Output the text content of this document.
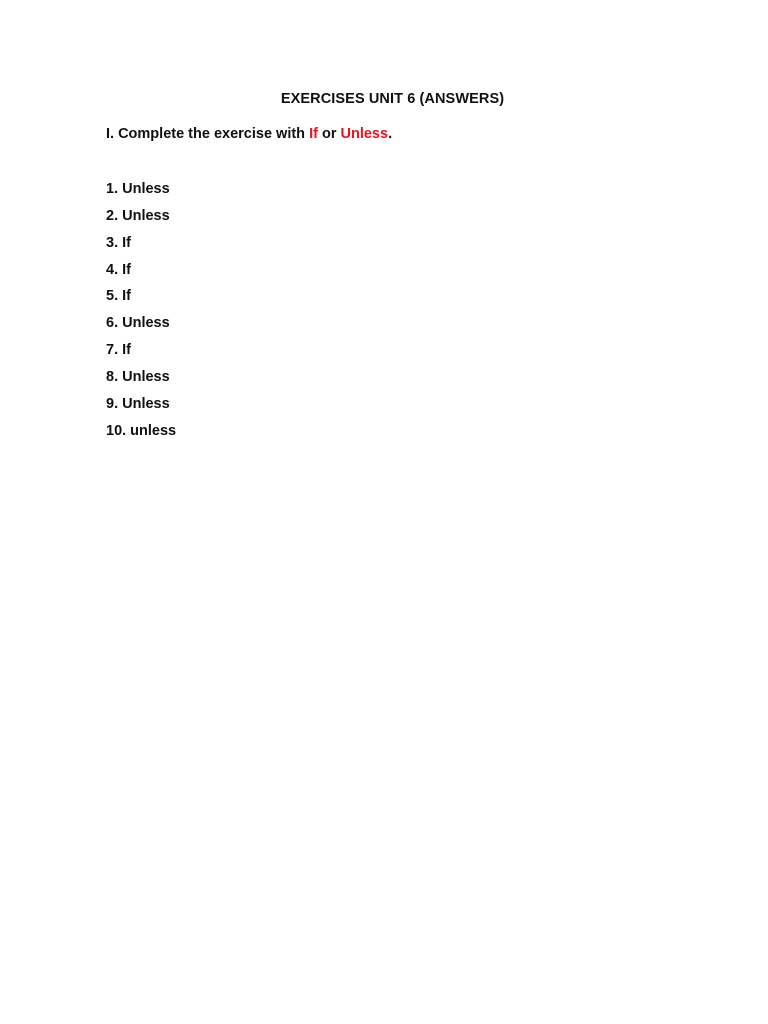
EXERCISES UNIT 6 (ANSWERS)

I. Complete the exercise with If or Unless.

1. Unless
2. Unless
3. If
4. If
5. If
6. Unless
7. If
8. Unless
9. Unless
10. unless
